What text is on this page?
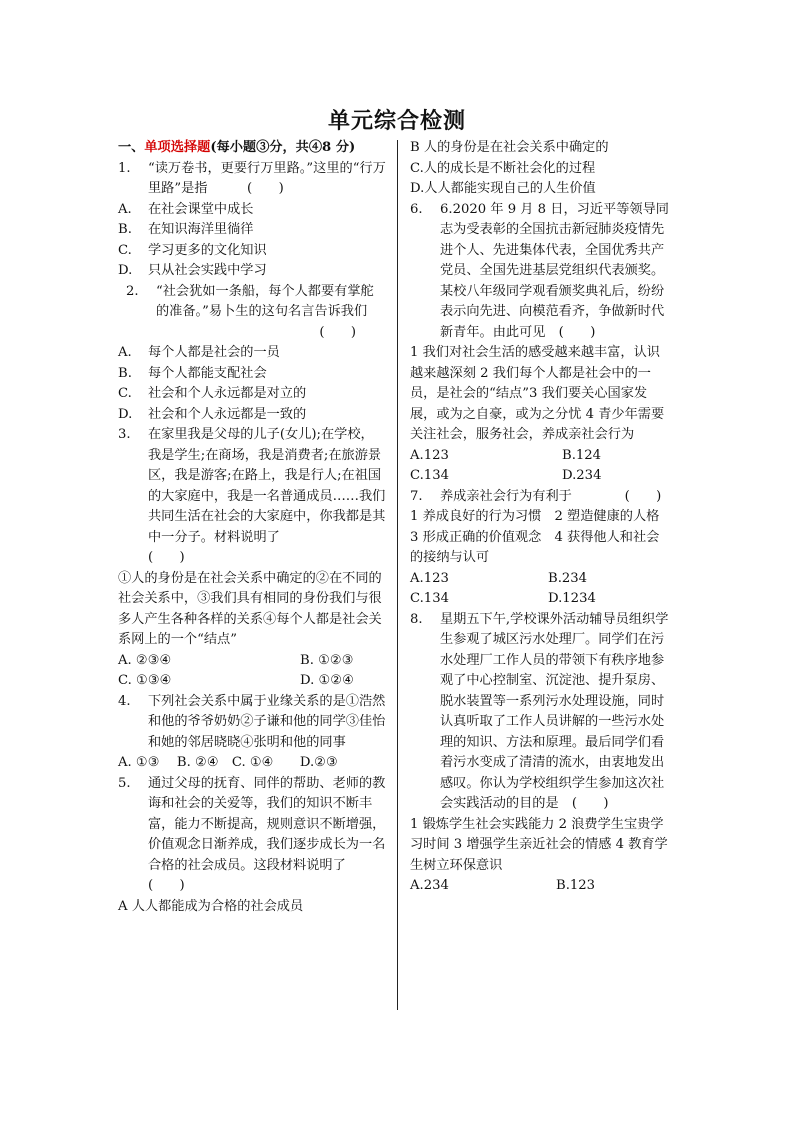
单元综合检测
一、单项选择题(每小题③分，共④8 分)
1. “读万卷书，更要行万里路。”这里的“行万里路”是指　　　(　　)
A. 在社会课堂中成长
B. 在知识海洋里徜徉
C. 学习更多的文化知识
D. 只从社会实践中学习
2. “社会犹如一条船，每个人都要有掌舵的准备。”易卜生的这句名言告诉我们
(　　)
A. 每个人都是社会的一员
B. 每个人都能支配社会
C. 社会和个人永远都是对立的
D. 社会和个人永远都是一致的
3. 在家里我是父母的儿子(女儿);在学校，我是学生;在商场，我是消费者;在旅游景区，我是游客;在路上，我是行人;在祖国的大家庭中，我是一名普通成员……我们共同生活在社会的大家庭中，你我都是其中一分子。材料说明了
(　　)
①人的身份是在社会关系中确定的②在不同的社会关系中，③我们具有相同的身份我们与很多人产生各种各样的关系④每个人都是社会关系网上的一个“结点”
A. ②③④	B. ①②③
C. ①③④	D. ①②④
4. 下列社会关系中属于业缘关系的是①浩然和他的爷爷奶奶②子谦和他的同学③佳怡和她的邻居晓晓④张明和他的同事
A. ①③　 B. ②④　C. ①④　　D.②③
5. 通过父母的抚育、同伴的帮助、老师的教诲和社会的关爱等，我们的知识不断丰富，能力不断提高，规则意识不断增强，价值观念日渐养成，我们逐步成长为一名合格的社会成员。这段材料说明了
(　　)
A 人人都能成为合格的社会成员
B 人的身份是在社会关系中确定的
C.人的成长是不断社会化的过程
D.人人都能实现自己的人生价值
6. 6.2020 年 9 月 8 日，习近平等领导同志为受表彰的全国抗击新冠肺炎疫情先进个人、先进集体代表，全国优秀共产党员、全国先进基层党组织代表颁奖。某校八年级同学观看颁奖典礼后，纷纷表示向先进、向模范看齐，争做新时代新青年。由此可见　(　　)
1 我们对社会生活的感受越来越丰富，认识越来越深刻 2 我们每个人都是社会中的一员，是社会的“结点”3 我们要关心国家发展，或为之自豪，或为之分忧 4 青少年需要关注社会，服务社会，养成亲社会行为
A.123	B.124
C.134	D.234
7. 养成亲社会行为有利于　　　　(　　)
1 养成良好的行为习惯　2 塑造健康的人格
3 形成正确的价值观念　4 获得他人和社会
的接纳与认可
A.123	B.234
C.134	D.1234
8. 星期五下午,学校课外活动辅导员组织学生参观了城区污水处理厂。同学们在污水处理厂工作人员的带领下有秩序地参观了中心控制室、沉淀池、提升泵房、脱水装置等一系列污水处理设施，同时认真听取了工作人员讲解的一些污水处理的知识、方法和原理。最后同学们看着污水变成了清清的流水，由衷地发出感叹。你认为学校组织学生参加这次社会实践活动的目的是　(　　)
1 锻炼学生社会实践能力 2 浪费学生宝贵学习时间 3 增强学生亲近社会的情感 4 教育学生树立环保意识
A.234	B.123
